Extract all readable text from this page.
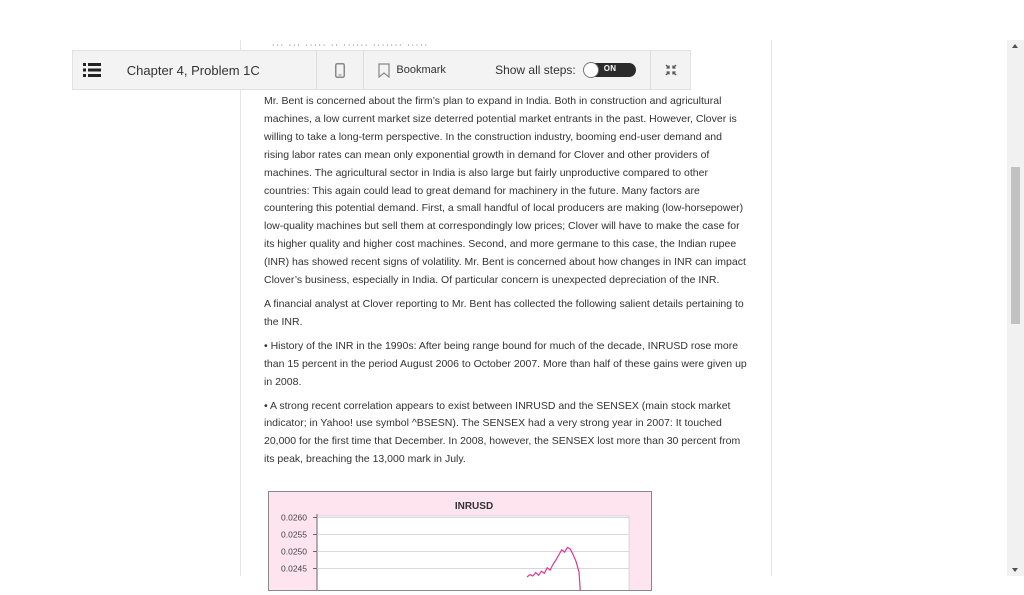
Chapter 4, Problem 1C	Bookmark	Show all steps:	ON

Mr. Bent is concerned about the firm’s plan to expand in India. Both in construction and agricultural machines, a low current market size deterred potential market entrants in the past. However, Clover is willing to take a long-term perspective. In the construction industry, booming end-user demand and rising labor rates can mean only exponential growth in demand for Clover and other providers of machines. The agricultural sector in India is also large but fairly unproductive compared to other countries: This again could lead to great demand for machinery in the future. Many factors are countering this potential demand. First, a small handful of local producers are making (low-horsepower) low-quality machines but sell them at correspondingly low prices; Clover will have to make the case for its higher quality and higher cost machines. Second, and more germane to this case, the Indian rupee (INR) has showed recent signs of volatility. Mr. Bent is concerned about how changes in INR can impact Clover’s business, especially in India. Of particular concern is unexpected depreciation of the INR.

A financial analyst at Clover reporting to Mr. Bent has collected the following salient details pertaining to the INR.

• History of the INR in the 1990s: After being range bound for much of the decade, INRUSD rose more than 15 percent in the period August 2006 to October 2007. More than half of these gains were given up in 2008.

• A strong recent correlation appears to exist between INRUSD and the SENSEX (main stock market indicator; in Yahoo! use symbol ^BSESN). The SENSEX had a very strong year in 2007: It touched 20,000 for the first time that December. In 2008, however, the SENSEX lost more than 30 percent from its peak, breaching the 13,000 mark in July.

INRUSD
0.0260
0.0255
0.0250
0.0245
